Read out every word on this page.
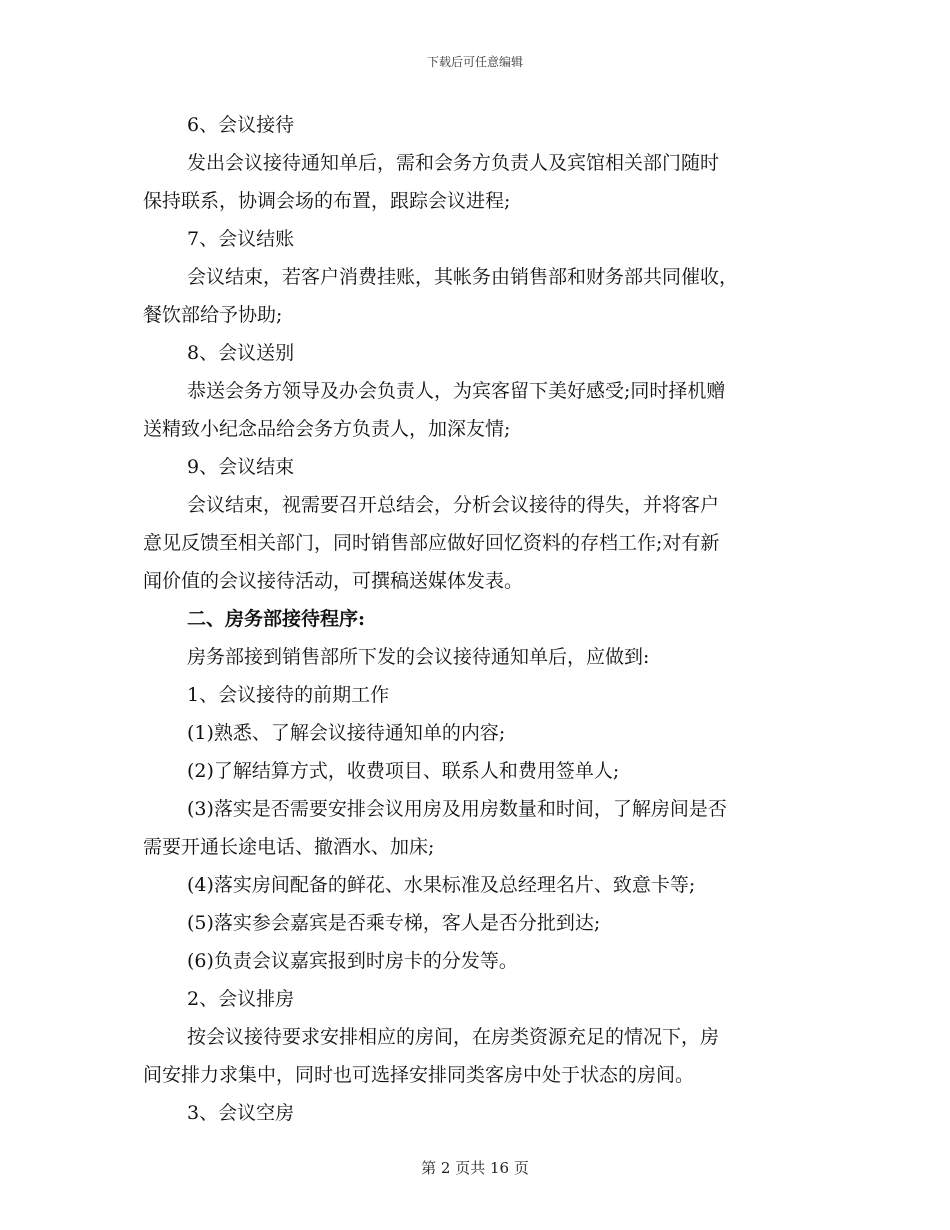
下载后可任意编辑
6、会议接待
发出会议接待通知单后，需和会务方负责人及宾馆相关部门随时
保持联系，协调会场的布置，跟踪会议进程;
7、会议结账
会议结束，若客户消费挂账，其帐务由销售部和财务部共同催收，
餐饮部给予协助;
8、会议送别
恭送会务方领导及办会负责人，为宾客留下美好感受;同时择机赠
送精致小纪念品给会务方负责人，加深友情;
9、会议结束
会议结束，视需要召开总结会，分析会议接待的得失，并将客户
意见反馈至相关部门，同时销售部应做好回忆资料的存档工作;对有新
闻价值的会议接待活动，可撰稿送媒体发表。
二、房务部接待程序:
房务部接到销售部所下发的会议接待通知单后，应做到:
1、会议接待的前期工作
(1)熟悉、了解会议接待通知单的内容;
(2)了解结算方式，收费项目、联系人和费用签单人;
(3)落实是否需要安排会议用房及用房数量和时间，了解房间是否
需要开通长途电话、撤酒水、加床;
(4)落实房间配备的鲜花、水果标准及总经理名片、致意卡等;
(5)落实参会嘉宾是否乘专梯，客人是否分批到达;
(6)负责会议嘉宾报到时房卡的分发等。
2、会议排房
按会议接待要求安排相应的房间，在房类资源充足的情况下，房
间安排力求集中，同时也可选择安排同类客房中处于状态的房间。
3、会议空房
第 2 页共 16 页
